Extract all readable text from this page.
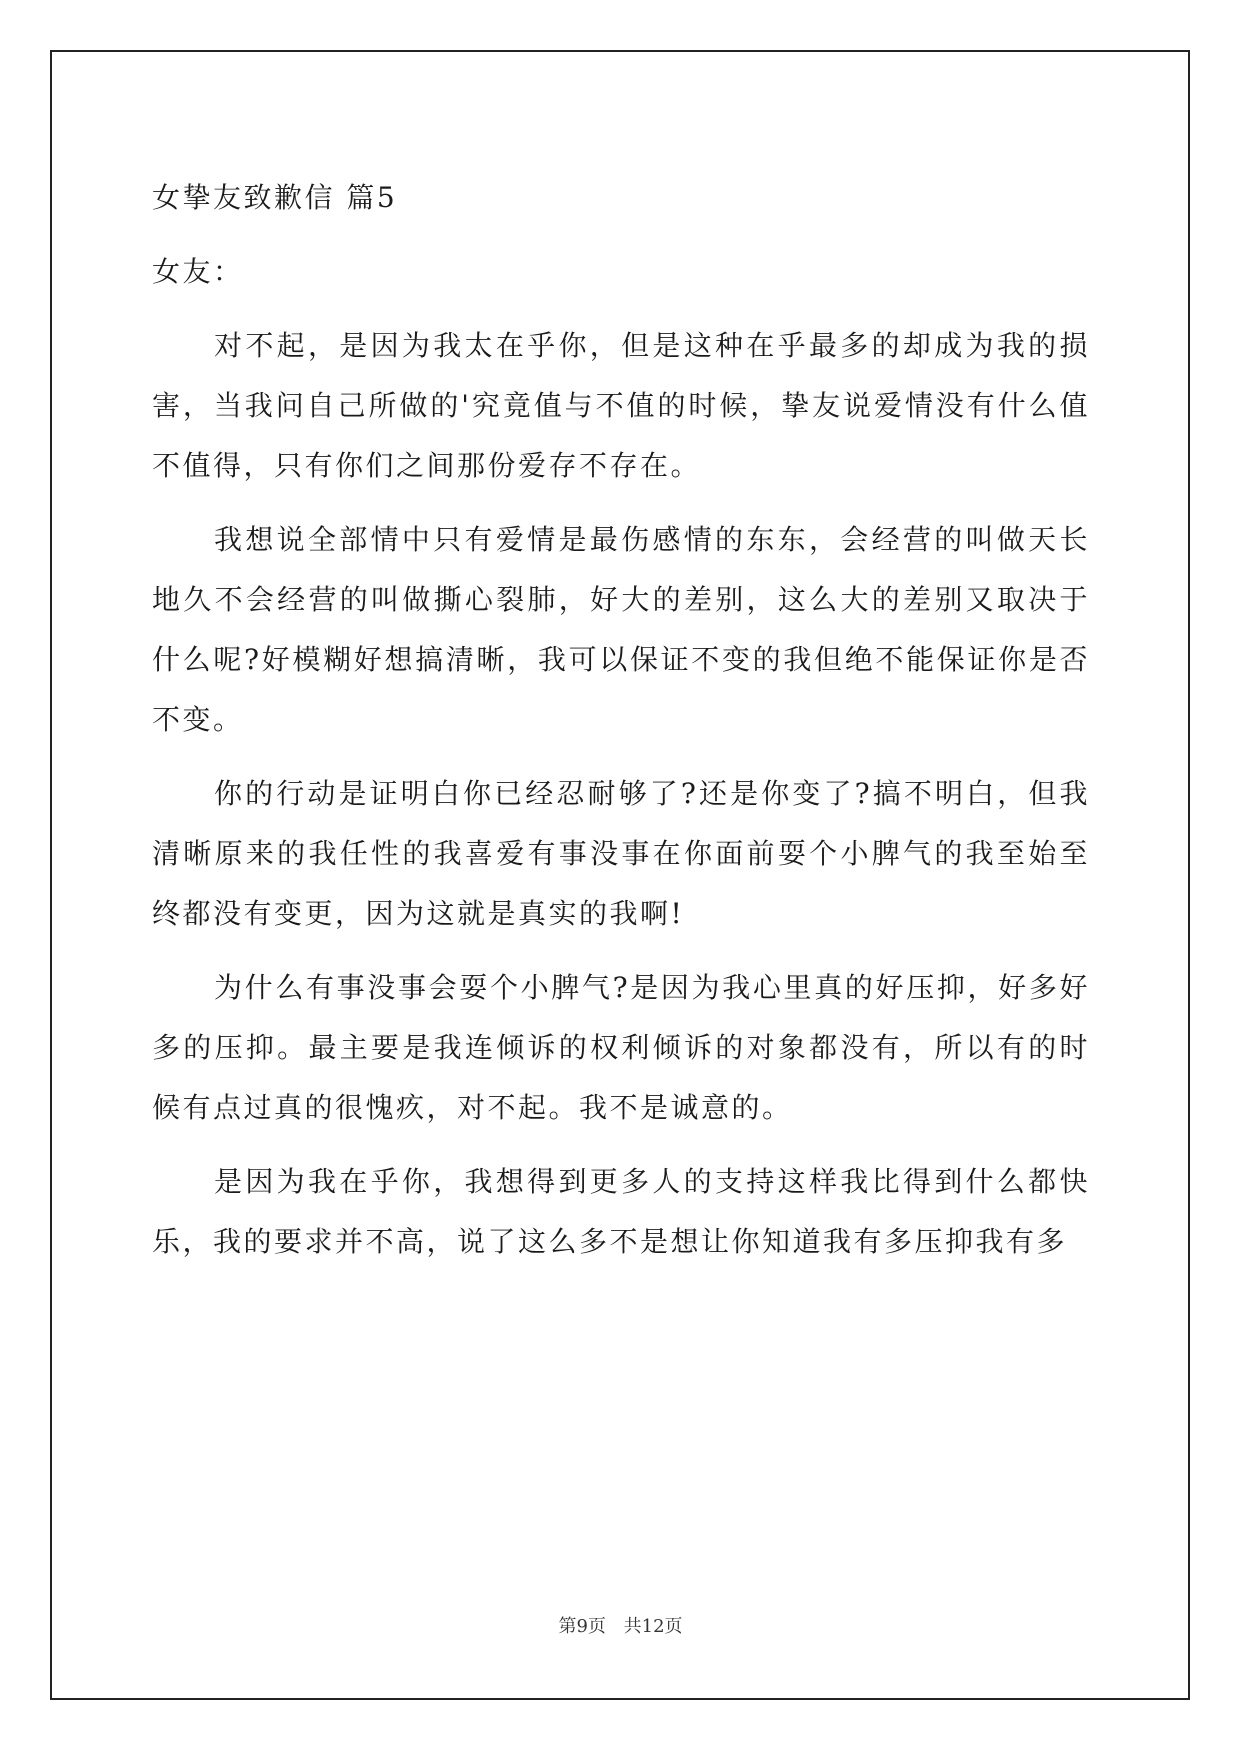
女挚友致歉信 篇5
女友：

对不起，是因为我太在乎你，但是这种在乎最多的却成为我的损害，当我问自己所做的'究竟值与不值的时候，挚友说爱情没有什么值不值得，只有你们之间那份爱存不存在。

我想说全部情中只有爱情是最伤感情的东东，会经营的叫做天长地久不会经营的叫做撕心裂肺，好大的差别，这么大的差别又取决于什么呢?好模糊好想搞清晰，我可以保证不变的我但绝不能保证你是否不变。

你的行动是证明白你已经忍耐够了?还是你变了?搞不明白，但我清晰原来的我任性的我喜爱有事没事在你面前耍个小脾气的我至始至终都没有变更，因为这就是真实的我啊!

为什么有事没事会耍个小脾气?是因为我心里真的好压抑，好多好多的压抑。最主要是我连倾诉的权利倾诉的对象都没有，所以有的时候有点过真的很愧疚，对不起。我不是诚意的。

是因为我在乎你，我想得到更多人的支持这样我比得到什么都快乐，我的要求并不高，说了这么多不是想让你知道我有多压抑我有多

第9页 共12页
